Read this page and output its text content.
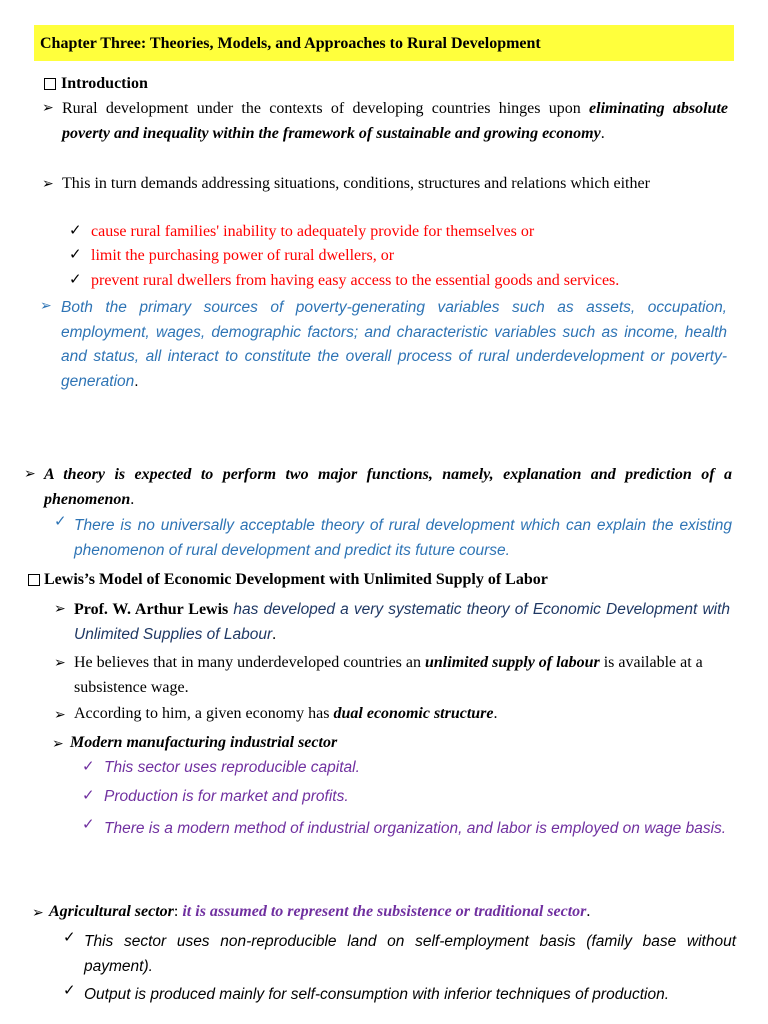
Chapter Three: Theories, Models, and Approaches to Rural Development
Introduction
➢ Rural development under the contexts of developing countries hinges upon eliminating absolute poverty and inequality within the framework of sustainable and growing economy.
➢ This in turn demands addressing situations, conditions, structures and relations which either
✓ cause rural families' inability to adequately provide for themselves or
✓ limit the purchasing power of rural dwellers, or
✓ prevent rural dwellers from having easy access to the essential goods and services.
➢ Both the primary sources of poverty-generating variables such as assets, occupation, employment, wages, demographic factors; and characteristic variables such as income, health and status, all interact to constitute the overall process of rural underdevelopment or poverty-generation.
➢ A theory is expected to perform two major functions, namely, explanation and prediction of a phenomenon.
✓ There is no universally acceptable theory of rural development which can explain the existing phenomenon of rural development and predict its future course.
Lewis’s Model of Economic Development with Unlimited Supply of Labor
➢ Prof. W. Arthur Lewis has developed a very systematic theory of Economic Development with Unlimited Supplies of Labour.
➢ He believes that in many underdeveloped countries an unlimited supply of labour is available at a subsistence wage.
➢ According to him, a given economy has dual economic structure.
➢ Modern manufacturing industrial sector
✓ This sector uses reproducible capital.
✓ Production is for market and profits.
✓ There is a modern method of industrial organization, and labor is employed on wage basis.
➢ Agricultural sector: it is assumed to represent the subsistence or traditional sector.
✓ This sector uses non-reproducible land on self-employment basis (family base without payment).
✓ Output is produced mainly for self-consumption with inferior techniques of production.
